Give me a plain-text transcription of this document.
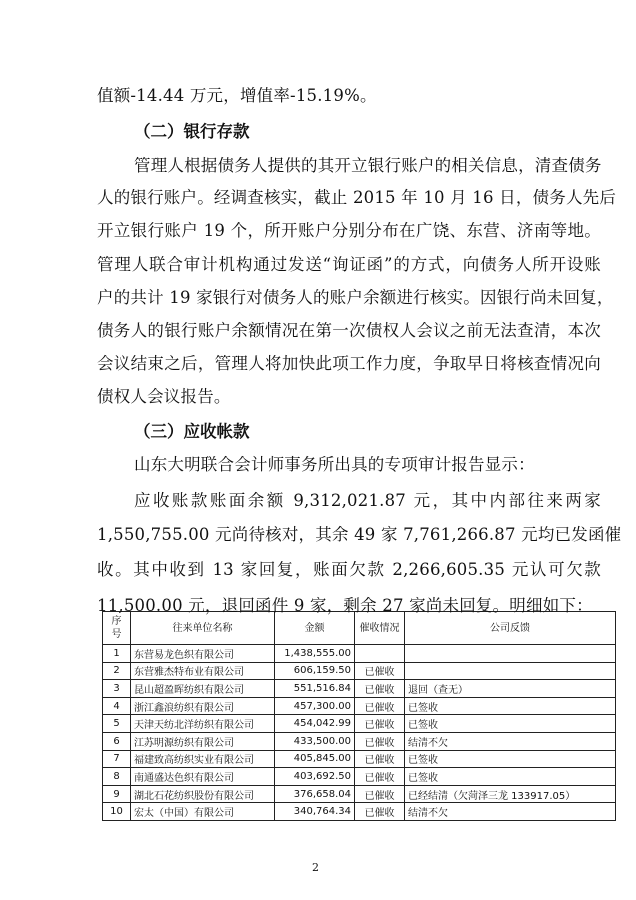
值额-14.44 万元，增值率-15.19%。
（二）银行存款
管理人根据债务人提供的其开立银行账户的相关信息，清查债务
人的银行账户。经调查核实，截止 2015 年 10 月 16 日，债务人先后
开立银行账户 19 个，所开账户分别分布在广饶、东营、济南等地。
管理人联合审计机构通过发送“询证函”的方式，向债务人所开设账
户的共计 19 家银行对债务人的账户余额进行核实。因银行尚未回复，
债务人的银行账户余额情况在第一次债权人会议之前无法查清，本次
会议结束之后，管理人将加快此项工作力度，争取早日将核查情况向
债权人会议报告。
（三）应收帐款
山东大明联合会计师事务所出具的专项审计报告显示：
应收账款账面余额 9,312,021.87 元，其中内部往来两家
1,550,755.00 元尚待核对，其余 49 家 7,761,266.87 元均已发函催
收。其中收到 13 家回复，账面欠款 2,266,605.35 元认可欠款
序号	往来单位名称	金额	催收情况	公司反馈
1	东营易龙色织有限公司	1,438,555.00		
2	东营雅杰特布业有限公司	606,159.50	已催收	
3	昆山超盈晖纺织有限公司	551,516.84	已催收	退回（查无）
4	浙江鑫浪纺织有限公司	457,300.00	已催收	已签收
5	天津天纺北洋纺织有限公司	454,042.99	已催收	已签收
6	江苏明源纺织有限公司	433,500.00	已催收	结清不欠
7	福建致高纺织实业有限公司	405,845.00	已催收	已签收
8	南通盛达色织有限公司	403,692.50	已催收	已签收
9	湖北石花纺织股份有限公司	376,658.04	已催收	已经结清（欠菏泽三龙 133917.05）
10	宏太（中国）有限公司	340,764.34	已催收	结清不欠
2
11,500.00 元，退回函件 9 家，剩余 27 家尚未回复。明细如下：
